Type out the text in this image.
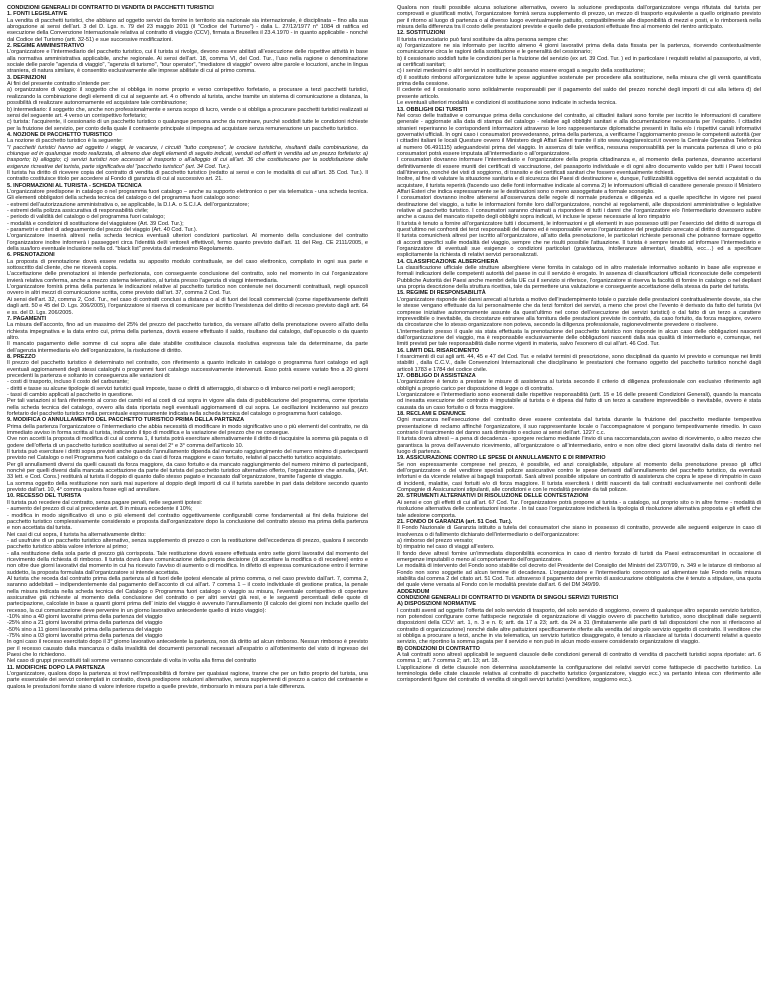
CONDIZIONI GENERALI DI CONTRATTO DI VENDITA DI PACCHETTI TURISTICI

1. FONTI LEGISLATIVE

La vendita di pacchetti turistici, che abbiano ad oggetto servizi da fornire in territorio sia nazionale sia internazionale, è disciplinata – fino alla sua abrogazione ai sensi dell’art. 3 del D. Lgs. n. 79 del 23 maggio 2011 (il "Codice del Turismo") - dalla L. 27/12/1977 n° 1084 di ratifica ed esecuzione della Convenzione Internazionale relativa al contratto di viaggio (CCV), firmata a Bruxelles il 23.4.1970 - in quanto applicabile - nonché dal Codice del Turismo (artt. 32-51) e sue successive modificazioni.

2. REGIME AMMINISTRATIVO

L’organizzatore e l’intermediario del pacchetto turistico, cui il turista si rivolge, devono essere abilitati all’esecuzione delle rispettive attività in base alla normativa amministrativa applicabile, anche regionale. Ai sensi dell’art. 18, comma VI, del Cod. Tur., l’uso nella ragione o denominazione sociale delle parole "agenzia di viaggio", "agenzia di turismo", "tour operator", "mediatore di viaggio" ovvero altre parole e locuzioni, anche in lingua straniera, di natura similare, è consentito esclusivamente alle imprese abilitate di cui al primo comma.

3. DEFINIZIONI

Ai fini del presente contratto s’intende per:

a) organizzatore di viaggio: il soggetto che si obbliga in nome proprio e verso corrispettivo forfetario, a procurare a terzi pacchetti turistici, realizzando la combinazione degli elementi di cui al seguente art. 4 o offrendo al turista, anche tramite un sistema di comunicazione a distanza, la possibilità di realizzare autonomamente ed acquistare tale combinazione;

b) intermediario: il soggetto che, anche non professionalmente e senza scopo di lucro, vende o si obbliga a procurare pacchetti turistici realizzati ai sensi del seguente art. 4 verso un corrispettivo forfetario;

c) turista: l’acquirente, il cessionario di un pacchetto turistico o qualunque persona anche da nominare, purché soddisfi tutte le condizioni richieste per la fruizione del servizio, per conto della quale il contraente principale si impegna ad acquistare senza remunerazione un pacchetto turistico.

4. NOZIONE DI PACCHETTO TURISTICO

La nozione di pacchetto turistico è la seguente:

"I pacchetti turistici hanno ad oggetto i viaggi, le vacanze, i circuiti “tutto compreso”, le crociere turistiche, risultanti dalla combinazione, da chiunque ed in qualunque modo realizzata, di almeno due degli elementi di seguito indicati, venduti od offerti in vendita ad un prezzo forfetario: a) trasporto; b) alloggio; c) servizi turistici non accessori al trasporto o all’alloggio di cui all’art. 36 che costituiscano per la soddisfazione delle esigenze ricreative del turista, parte significativa del "pacchetto turistico" (art. 34 Cod. Tur.).

Il turista ha diritto di ricevere copia del contratto di vendita di pacchetto turistico (redatto ai sensi e con le modalità di cui all’art. 35 Cod. Tur.). Il contratto costituisce titolo per accedere al Fondo di garanzia di cui al successivo art. 21.

5. INFORMAZIONI AL TURISTA - SCHEDA TECNICA

L’organizzatore predispone in catalogo o nel programma fuori catalogo – anche su supporto elettronico o per via telematica - una scheda tecnica. Gli elementi obbligatori della scheda tecnica del catalogo o del programma fuori catalogo sono:

- estremi dell’autorizzazione amministrativa o, se applicabile, la D.I.A. o S.C.I.A. dell’organizzatore;

- estremi della polizza assicurativa di responsabilità civile;

- periodo di validità del catalogo o del programma fuori catalogo;

- modalità e condizioni di sostituzione del viaggiatore (Art. 39 Cod. Tur.);

- parametri e criteri di adeguamento del prezzo del viaggio (Art. 40 Cod. Tur.).

L’organizzatore inserirà altresì nella scheda tecnica eventuali ulteriori condizioni particolari. Al momento della conclusione del contratto l’organizzatore inoltre informerà i passeggeri circa l’identità del/i vettore/i effettivo/i, fermo quanto previsto dall’art. 11 del Reg. CE 2111/2005, e della sua/loro eventuale inclusione nella cd. "black list" prevista dal medesimo Regolamento.

6. PRENOTAZIONI

La proposta di prenotazione dovrà essere redatta su apposito modulo contrattuale, se del caso elettronico, compilato in ogni sua parte e sottoscritto dal cliente, che ne riceverà copia.

L’accettazione delle prenotazioni si intende perfezionata, con conseguente conclusione del contratto, solo nel momento in cui l’organizzatore invierà relativa conferma, anche a mezzo sistema telematico, al turista presso l’agenzia di viaggi intermediaria.

L’organizzatore fornirà prima della partenza le indicazioni relative al pacchetto turistico non contenute nei documenti contrattuali, negli opuscoli ovvero in altri mezzi di comunicazione scritta, come previsto dall’art. 37, comma 2 Cod. Tur.

Ai sensi dell’art. 32, comma 2, Cod. Tur., nel caso di contratti conclusi a distanza o al di fuori dei locali commerciali (come rispettivamente definiti dagli artt. 50 e 45 del D. Lgs. 206/2005), l’organizzatore si riserva di comunicare per iscritto l’inesistenza del diritto di recesso previsto dagli artt. 64 e ss. del D. Lgs. 206/2005.

7. PAGAMENTI

La misura dell’acconto, fino ad un massimo del 25% del prezzo del pacchetto turistico, da versare all’atto della prenotazione ovvero all’atto della richiesta impegnativa e la data entro cui, prima della partenza, dovrà essere effettuato il saldo, risultano dal catalogo, dall’opuscolo o da quanto altro.

Il mancato pagamento delle somme di cui sopra alle date stabilite costituisce clausola risolutiva espressa tale da determinarne, da parte dell’agenzia intermediaria e/o dell’organizzatore, la risoluzione di diritto.

8. PREZZO

Il prezzo del pacchetto turistico è determinato nel contratto, con riferimento a quanto indicato in catalogo o programma fuori catalogo ed agli eventuali aggiornamenti degli stessi cataloghi o programmi fuori catalogo successivamente intervenuti. Esso potrà essere variato fino a 20 giorni precedenti la partenza e soltanto in conseguenza alle variazioni di:

- costi di trasporto, incluso il costo del carburante;

- diritti e tasse su alcune tipologie di servizi turistici quali imposte, tasse o diritti di atterraggio, di sbarco o di imbarco nei porti e negli aeroporti;

- tassi di cambio applicati al pacchetto in questione.

Per tali variazioni si farà riferimento al corso dei cambi ed ai costi di cui sopra in vigore alla data di pubblicazione del programma, come riportata nella scheda tecnica del catalogo, ovvero alla data riportata negli eventuali aggiornamenti di cui sopra. Le oscillazioni incideranno sul prezzo forfetario del pacchetto turistico nella percentuale espressamente indicata nella scheda tecnica del catalogo o programma fuori catalogo.

9. MODIFICA O ANNULLAMENTO DEL PACCHETTO TURISTICO PRIMA DELLA PARTENZA

Prima della partenza l’organizzatore o l’intermediario che abbia necessità di modificare in modo significativo uno o più elementi del contratto, ne dà immediato avviso in forma scritta al turista, indicando il tipo di modifica e la variazione del prezzo che ne consegue.

Ove non accetti la proposta di modifica di cui al comma 1, il turista potrà esercitare alternativamente il diritto di riacquisire la somma già pagata o di godere dell’offerta di un pacchetto turistico sostitutivo ai sensi del 2° e 3° comma dell’articolo 10.

Il turista può esercitare i diritti sopra previsti anche quando l’annullamento dipenda dal mancato raggiungimento del numero minimo di partecipanti previsto nel Catalogo o nel Programma fuori catalogo o da casi di forza maggiore e caso fortuito, relativi al pacchetto turistico acquistato.

Per gli annullamenti diversi da quelli causati da forza maggiore, da caso fortuito e da mancato raggiungimento del numero minimo di partecipanti, nonché per quelli diversi dalla mancata accettazione da parte del turista del pacchetto turistico alternativo offerto, l’organizzatore che annulla, (Art. 33 lett. e Cod. Cons.) restituirà al turista il doppio di quanto dallo stesso pagato e incassato dall’organizzatore, tramite l’agente di viaggio.

La somma oggetto della restituzione non sarà mai superiore al doppio degli importi di cui il turista sarebbe in pari data debitore secondo quanto previsto dall’art. 10, 4° comma qualora fosse egli ad annullare.

10. RECESSO DEL TURISTA

Il turista può recedere dal contratto, senza pagare penali, nelle seguenti ipotesi:

- aumento del prezzo di cui al precedente art. 8 in misura eccedente il 10%;

- modifica in modo significativo di uno o più elementi del contratto oggettivamente configurabili come fondamentali ai fini della fruizione del pacchetto turistico complessivamente considerato e proposta dall’organizzatore dopo la conclusione del contratto stesso ma prima della partenza e non accettata dal turista.

Nei casi di cui sopra, il turista ha alternativamente diritto:

- ad usufruire di un pacchetto turistico alternativo, senza supplemento di prezzo o con la restituzione dell’eccedenza di prezzo, qualora il secondo pacchetto turistico abbia valore inferiore al primo;

- alla restituzione della sola parte di prezzo già corrisposta. Tale restituzione dovrà essere effettuata entro sette giorni lavorativi dal momento del ricevimento della richiesta di rimborso. Il turista dovrà dare comunicazione della propria decisione (di accettare la modifica o di recedere) entro e non oltre due giorni lavorativi dal momento in cui ha ricevuto l’avviso di aumento o di modifica. In difetto di espressa comunicazione entro il termine suddetto, la proposta formulata dall’organizzatore si intende accettata.

Al turista che receda dal contratto prima della partenza al di fuori delle ipotesi elencate al primo comma, o nel caso previsto dall’art. 7, comma 2, saranno addebitati – indipendentemente dal pagamento dell’acconto di cui all’art. 7 comma 1 – il costo individuale di gestione pratica, la penale nella misura indicata nella scheda tecnica del Catalogo o Programma fuori catalogo o viaggio su misura, l’eventuale corrispettivo di coperture assicurative già richieste al momento della conclusione del contratto o per altri servizi già resi, e le seguenti percentuali delle quote di partecipazione, calcolate in base a quanti giorni prima dell’ inizio del viaggio è avvenuto l’annullamento (il calcolo dei giorni non include quello del recesso, la cui comunicazione deve pervenire in un giorno lavorativo antecedente quello di inizio viaggio):

-10% sino a 40 giorni lavorativi prima della partenza del viaggio

-25% sino a 21 giorni lavorativi prima della partenza del viaggio

-50% sino a 11 giorni lavorativi prima della partenza del viaggio

-75% sino a 03 giorni lavorativi prima della partenza del viaggio

In ogni caso il recesso esercitato dopo il 3° giorno lavorativo antecedente la partenza, non dà diritto ad alcun rimborso. Nessun rimborso è previsto per il recesso causato dalla mancanza o dalla invalidità dei documenti personali necessari all’espatrio o all’ottenimento del visto di ingresso dei Paesi che lo richiedono.

Nel caso di gruppi precostituiti tali somme verranno concordate di volta in volta alla firma del contratto

11. MODIFICHE DOPO LA PARTENZA

L’organizzatore, qualora dopo la partenza si trovi nell’impossibilità di fornire per qualsiasi ragione, tranne che per un fatto proprio del turista, una parte essenziale dei servizi contemplati in contratto, dovrà predisporre soluzioni alternative, senza supplementi di prezzo a carico del contraente e qualora le prestazioni fornite siano di valore inferiore rispetto a quelle previste, rimborsarlo in misura pari a tale differenza.

Qualora non risulti possibile alcuna soluzione alternativa, ovvero la soluzione predisposta dall’organizzatore venga rifiutata dal turista per comprovati e giustificati motivi, l’organizzatore fornirà senza supplemento di prezzo, un mezzo di trasporto equivalente a quello originario previsto per il ritorno al luogo di partenza o al diverso luogo eventualmente pattuito, compatibilmente alle disponibilità di mezzi e posti, e lo rimborserà nella misura della differenza tra il costo delle prestazioni previste e quello delle prestazioni effettuate fino al momento del rientro anticipato.

12. SOSTITUZIONI

Il turista rinunciatario può farsi sostituire da altra persona sempre che:

a) l’organizzatore ne sia informato per iscritto almeno 4 giorni lavorativi prima della data fissata per la partenza, ricevendo contestualmente comunicazione circa le ragioni della sostituzione e le generalità del cessionario;

b) il cessionario soddisfi tutte le condizioni per la fruizione del servizio (ex art. 39 Cod. Tur. ) ed in particolare i requisiti relativi al passaporto, ai visti, ai certificati sanitari;

c) i servizi medesimi o altri servizi in sostituzione possano essere erogati a seguito della sostituzione;

d) il sostituto rimborsi all’organizzatore tutte le spese aggiuntive sostenute per procedere alla sostituzione, nella misura che gli verrà quantificata prima della cessione.

Il cedente ed il cessionario sono solidalmente responsabili per il pagamento del saldo del prezzo nonché degli importi di cui alla lettera d) del presente articolo.

Le eventuali ulteriori modalità e condizioni di sostituzione sono indicate in scheda tecnica.

13. OBBLIGHI DEI TURISTI

Nel corso delle trattative e comunque prima della conclusione del contratto, ai cittadini italiani sono fornite per iscritto le informazioni di carattere generale - aggiornate alla data di stampa del catalogo - relative agli obblighi sanitari e alla documentazione necessaria per l’espatrio. I cittadini stranieri reperiranno le corrispondenti informazioni attraverso le loro rappresentanze diplomatiche presenti in Italia e/o i rispettivi canali informativi governativi ufficiali. In ogni caso i consumatori provvederanno, prima della partenza, a verificarne l’aggiornamento presso le competenti autorità (per i cittadini italiani le locali Questure ovvero il Ministero degli Affari Esteri tramite il sito www.viaggiaresicuri.it ovvero la Centrale Operativa Telefonica al numero 06.491115) adeguandovisi prima del viaggio. In assenza di tale verifica, nessuna responsabilità per la mancata partenza di uno o più consumatori potrà essere imputata all’intermediario o all’organizzatore.

I consumatori dovranno informare l’intermediario e l’organizzatore della propria cittadinanza e, al momento della partenza, dovranno accertarsi definitivamente di essere muniti dei certificati di vaccinazione, del passaporto individuale e di ogni altro documento valido per tutti i Paesi toccati dall’itinerario, nonché dei visti di soggiorno, di transito e dei certificati sanitari che fossero eventualmente richiesti.

Inoltre, al fine di valutare la situazione sanitaria e di sicurezza dei Paesi di destinazione e, dunque, l’utilizzabilità oggettiva dei servizi acquistati o da acquistare, il turista reperirà (facendo uso delle fonti informative indicate al comma 2) le informazioni ufficiali di carattere generale presso il Ministero Affari Esteri che indica espressamente se le destinazioni sono o meno assoggettate a formale sconsiglio.

I consumatori dovranno inoltre attenersi all’osservanza delle regole di normale prudenza e diligenza ed a quelle specifiche in vigore nei paesi destinazione del viaggio, a tutte le informazioni fornite loro dall’organizzatore, nonché ai regolamenti, alle disposizioni amministrative o legislative relative al pacchetto turistico. I consumatori saranno chiamati a rispondere di tutti i danni che l’organizzatore e/o l’intermediario dovessero subire anche a causa del mancato rispetto degli obblighi sopra indicati, ivi incluse le spese necessarie al loro rimpatrio

Il turista è tenuto a fornire all’organizzatore tutti i documenti, le informazioni e gli elementi in suo possesso utili per l’esercizio del diritto di surroga di quest’ultimo nei confronti dei terzi responsabili del danno ed è responsabile verso l’organizzatore del pregiudizio arrecato al diritto di surrogazione.

Il turista comunicherà altresì per iscritto all’organizzatore, all’atto della prenotazione, le particolari richieste personali che potranno formare oggetto di accordi specifici sulle modalità del viaggio, sempre che ne risulti possibile l’attuazione. Il turista è sempre tenuto ad informare l’intermediario e l’organizzatore di eventuali sue esigenze o condizioni particolari (gravidanza, intolleranze alimentari, disabilità, ecc…) ed a specificare esplicitamente la richiesta di relativi servizi personalizzati.

14. CLASSIFICAZIONE ALBERGHIERA

La classificazione ufficiale delle strutture alberghiere viene fornita in catalogo od in altro materiale informativo soltanto in base alle espresse e formali indicazioni delle competenti autorità del paese in cui il servizio è erogato. In assenza di classificazioni ufficiali riconosciute delle competenti Pubbliche Autorità dei Paesi anche membri della UE cui il servizio si riferisce, l’organizzatore si riserva la facoltà di fornire in catalogo o nel depliant una propria descrizione della struttura ricettiva, tale da permettere una valutazione e conseguente accettazione della stessa da parte del turista.

15. REGIME DI RESPONSABILITÀ

L’organizzatore risponde dei danni arrecati al turista a motivo dell’inadempimento totale o parziale delle prestazioni contrattualmente dovute, sia che le stesse vengano effettuate da lui personalmente che da terzi fornitori dei servizi, a meno che provi che l’evento è derivato da fatto del turista (ivi comprese iniziative autonomamente assunte da quest’ultimo nel corso dell’esecuzione dei servizi turistici) o dal fatto di un terzo a carattere imprevedibile o inevitabile, da circostanze estranee alla fornitura delle prestazioni previste in contratto, da caso fortuito, da forza maggiore, ovvero da circostanze che lo stesso organizzatore non poteva, secondo la diligenza professionale, ragionevolmente prevedere o risolvere.

L’intermediario presso il quale sia stata effettuata la prenotazione del pacchetto turistico non risponde in alcun caso delle obbligazioni nascenti dall’organizzazione del viaggio, ma è responsabile esclusivamente delle obbligazioni nascenti dalla sua qualità di intermediario e, comunque, nei limiti previsti per tale responsabilità dalle norme vigenti in materia, salvo l’esonero di cui all’art. 46 Cod. Tur.

16. LIMITI DEL RISARCIMENTO

I risarcimenti di cui agli artt. 44, 45 e 47 del Cod. Tur. e relativi termini di prescrizione, sono disciplinati da quanto ivi previsto e comunque nei limiti stabiliti , dalla C.C.V., dalle Convenzioni Internazionali che disciplinano le prestazioni che formano oggetto del pacchetto turistico nonché dagli articoli 1783 e 1784 del codice civile.

17. OBBLIGO DI ASSISTENZA

L’organizzatore è tenuto a prestare le misure di assistenza al turista secondo il criterio di diligenza professionale con esclusivo riferimento agli obblighi a proprio carico per disposizione di legge o di contratto.

L’organizzatore e l’intermediario sono esonerati dalle rispettive responsabilità (artt. 15 e 16 delle presenti Condizioni Generali), quando la mancata od inesatta esecuzione del contratto è imputabile al turista o è dipesa dal fatto di un terzo a carattere imprevedibile o inevitabile, ovvero è stata causata da un caso fortuito o di forza maggiore.

18. RECLAMI E DENUNCE

Ogni mancanza nell’esecuzione del contratto deve essere contestata dal turista durante la fruizione del pacchetto mediante tempestiva presentazione di reclamo affinché l’organizzatore, il suo rappresentante locale o l’accompagnatore vi pongano tempestivamente rimedio. In caso contrario il risarcimento del danno sarà diminuito o escluso ai sensi dell’art. 1227 c.c.

Il turista dovrà altresì – a pena di decadenza - sporgere reclamo mediante l’invio di una raccomandata,con avviso di ricevimento, o altro mezzo che garantisca la prova dell’avvenuto ricevimento, all’organizzatore o all’intermediario, entro e non oltre dieci giorni lavorativi dalla data di rientro nel luogo di partenza.

19. ASSICURAZIONE CONTRO LE SPESE DI ANNULLAMENTO E DI RIMPATRIO

Se non espressamente comprese nel prezzo, è possibile, ed anzi consigliabile, stipulare al momento della prenotazione presso gli uffici dell’organizzatore o del venditore speciali polizze assicurative contro le spese derivanti dall’annullamento del pacchetto turistico, da eventuali infortuni e da vicende relative ai bagagli trasportati. Sarà altresì possibile stipulare un contratto di assistenza che copra le spese di rimpatrio in caso di incidenti, malattie, casi fortuiti e/o di forza maggiore. Il turista eserciterà i diritti nascenti da tali contratti esclusivamente nei confronti delle Compagnie di Assicurazioni stipulanti, alle condizioni e con le modalità previste da tali polizze.

20. STRUMENTI ALTERNATIVI DI RISOLUZIONE DELLE CONTESTAZIONI

Ai sensi e con gli effetti di cui all’art. 67 Cod. Tur. l’organizzatore potrà proporre al turista - a catalogo, sul proprio sito o in altre forme - modalità di risoluzione alternativa delle contestazioni insorte . In tal caso l’organizzatore indicherà la tipologia di risoluzione alternativa proposta e gli effetti che tale adesione comporta.

21. FONDO DI GARANZIA (art. 51 Cod. Tur.).

Il Fondo Nazionale di Garanzia istituito a tutela dei consumatori che siano in possesso di contratto, provvede alle seguenti esigenze in caso di insolvenza o di fallimento dichiarato dell’intermediario o dell’organizzatore:

a) rimborso del prezzo versato;

b) rimpatrio nel caso di viaggi all’estero.

Il fondo deve altresì fornire un’immediata disponibilità economica in caso di rientro forzato di turisti da Paesi extracomunitari in occasione di emergenze imputabili o meno al comportamento dell’organizzatore.

Le modalità di intervento del Fondo sono stabilite col decreto del Presidente del Consiglio dei Ministri del 23/07/99, n. 349 e le istanze di rimborso al Fondo non sono soggette ad alcun termine di decadenza. L’organizzatore e l’intermediario concorrono ad alimentare tale Fondo nella misura stabilita dal comma 2 del citato art. 51 Cod. Tur. attraverso il pagamento del premio di assicurazione obbligatoria che è tenuto a stipulare, una quota del quale viene versata al Fondo con le modalità previste dall’art. 6 del DM 349/99.

ADDENDUM
CONDIZIONI GENERALI DI CONTRATTO DI VENDITA DI SINGOLI SERVIZI TURISTICI
A) DISPOSIZIONI NORMATIVE

I contratti aventi ad oggetto l’offerta del solo servizio di trasporto, del solo servizio di soggiorno, ovvero di qualunque altro separato servizio turistico, non potendosi configurare come fattispecie negoziale di organizzazione di viaggio ovvero di pacchetto turistico, sono disciplinati dalle seguenti disposizioni della CCV: art. 1, n. 3 e n. 6; artt. da 17 a 23; artt. da 24 a 31 (limitatamente alle parti di tali disposizioni che non si riferiscono al contratto di organizzazione) nonché dalle altre pattuizioni specificamente riferite alla vendita del singolo servizio oggetto di contratto. Il venditore che si obbliga a procurare a terzi, anche in via telematica, un servizio turistico disaggregato, è tenuto a rilasciare al turista i documenti relativi a questo servizio, che riportino la somma pagata per il servizio e non può in alcun modo essere considerato organizzatore di viaggio.

B) CONDIZIONI DI CONTRATTO

A tali contratti sono altresì applicabili le seguenti clausole delle condizioni generali di contratto di vendita di pacchetti turistici sopra riportate: art. 6 comma 1; art. 7 comma 2; art. 13; art. 18.

L’applicazione di dette clausole non determina assolutamente la configurazione dei relativi servizi come fattispecie di pacchetto turistico. La terminologia delle citate clausole relativa al contratto di pacchetto turistico (organizzatore, viaggio ecc.) va pertanto intesa con riferimento alle corrispondenti figure del contratto di vendita di singoli servizi turistici (venditore, soggiorno ecc.).
